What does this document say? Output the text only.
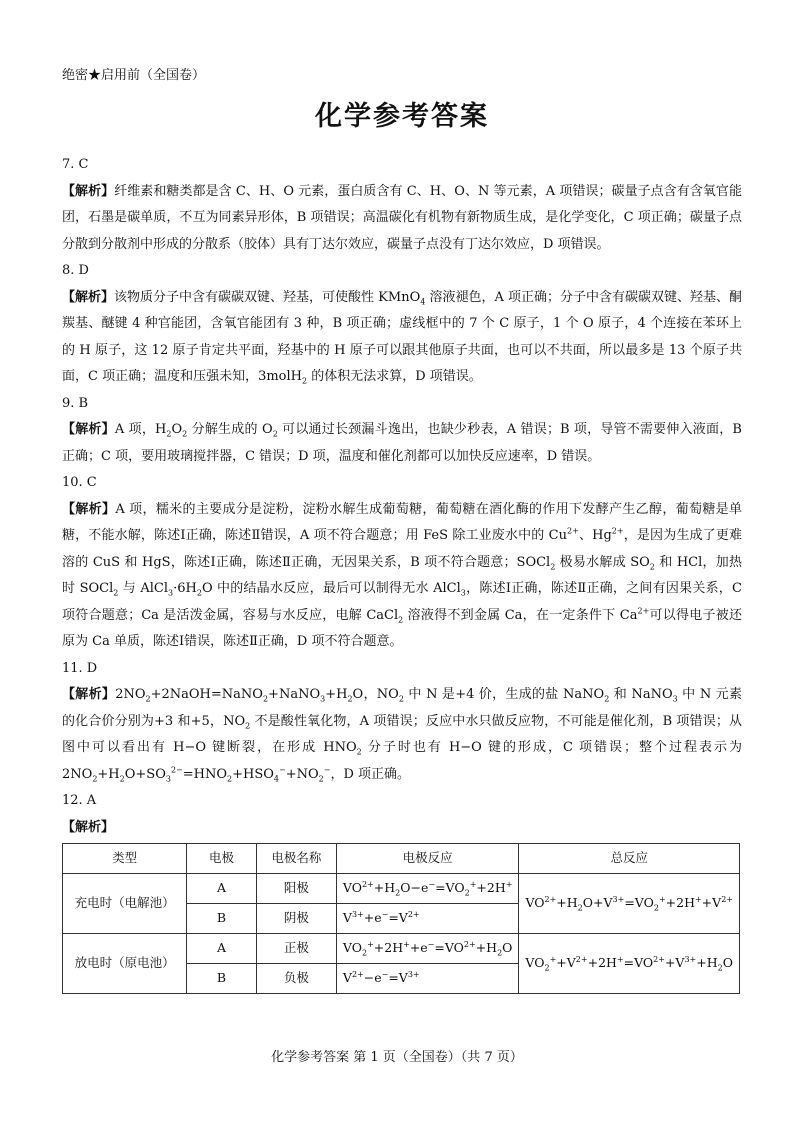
绝密★启用前（全国卷）
化学参考答案

7. C

【解析】纤维素和糖类都是含 C、H、O 元素，蛋白质含有 C、H、O、N 等元素，A 项错误；碳量子点含有含氧官能团，石墨是碳单质，不互为同素异形体，B 项错误；高温碳化有机物有新物质生成，是化学变化，C 项正确；碳量子点分散到分散剂中形成的分散系（胶体）具有丁达尔效应，碳量子点没有丁达尔效应，D 项错误。

8. D

【解析】该物质分子中含有碳碳双键、羟基，可使酸性 KMnO$_4$ 溶液褪色，A 项正确；分子中含有碳碳双键、羟基、酮羰基、醚键 4 种官能团，含氧官能团有 3 种，B 项正确；虚线框中的 7 个 C 原子，1 个 O 原子，4 个连接在苯环上的 H 原子，这 12 原子肯定共平面，羟基中的 H 原子可以跟其他原子共面，也可以不共面，所以最多是 13 个原子共面，C 项正确；温度和压强未知，3molH$_2$ 的体积无法求算，D 项错误。

9. B

【解析】A 项，$H_2O_2$ 分解生成的 $O_2$ 可以通过长颈漏斗逸出，也缺少秒表，A 错误；B 项，导管不需要伸入液面，B 正确；C 项，要用玻璃搅拌器，C 错误；D 项，温度和催化剂都可以加快反应速率，D 错误。

10. C

【解析】A 项，糯米的主要成分是淀粉，淀粉水解生成葡萄糖，葡萄糖在酒化酶的作用下发酵产生乙醇，葡萄糖是单糖，不能水解，陈述Ⅰ正确，陈述Ⅱ错误，A 项不符合题意；用 FeS 除工业废水中的 $Cu^{2+}$、$Hg^{2+}$，是因为生成了更难溶的 CuS 和 HgS，陈述Ⅰ正确，陈述Ⅱ正确，无因果关系，B 项不符合题意；SOCl$_2$ 极易水解成 $SO_2$ 和 HCl，加热时 SOCl$_2$ 与 $AlCl_3\cdot 6H_2O$ 中的结晶水反应，最后可以制得无水 AlCl$_3$，陈述Ⅰ正确，陈述Ⅱ正确，之间有因果关系，C 项符合题意；Ca 是活泼金属，容易与水反应，电解 CaCl$_2$ 溶液得不到金属 Ca，在一定条件下 $Ca^{2+}$可以得电子被还原为 Ca 单质，陈述Ⅰ错误，陈述Ⅱ正确，D 项不符合题意。

11. D

【解析】$2NO_2+2NaOH=NaNO_2+NaNO_3+H_2O$，$NO_2$ 中 N 是+4 价，生成的盐 NaNO$_2$ 和 NaNO$_3$ 中 N 元素的化合价分别为+3 和+5，$NO_2$ 不是酸性氧化物，A 项错误；反应中水只做反应物，不可能是催化剂，B 项错误；从图中可以看出有 H−O 键断裂，在形成 $HNO_2$ 分子时也有 H−O 键的形成，C 项错误；整个过程表示为 $2NO_2+H_2O+SO_3^{2-}=HNO_2+HSO_4^-+NO_2^-$，D 项正确。

12. A

【解析】

类型	电极	电极名称	电极反应	总反应
充电时（电解池）	A	阳极	$VO^{2+}+H_2O-e^-=VO_2^++2H^+$	$VO^{2+}+H_2O+V^{3+}=VO_2^++2H^++V^{2+}$
	B	阴极	$V^{3+}+e^-=V^{2+}$
放电时（原电池）	A	正极	$VO_2^++2H^++e^-=VO^{2+}+H_2O$	$VO_2^++V^{2+}+2H^+=VO^{2+}+V^{3+}+H_2O$
	B	负极	$V^{2+}-e^-=V^{3+}$
化学参考答案 第 1 页（全国卷）（共 7 页）
